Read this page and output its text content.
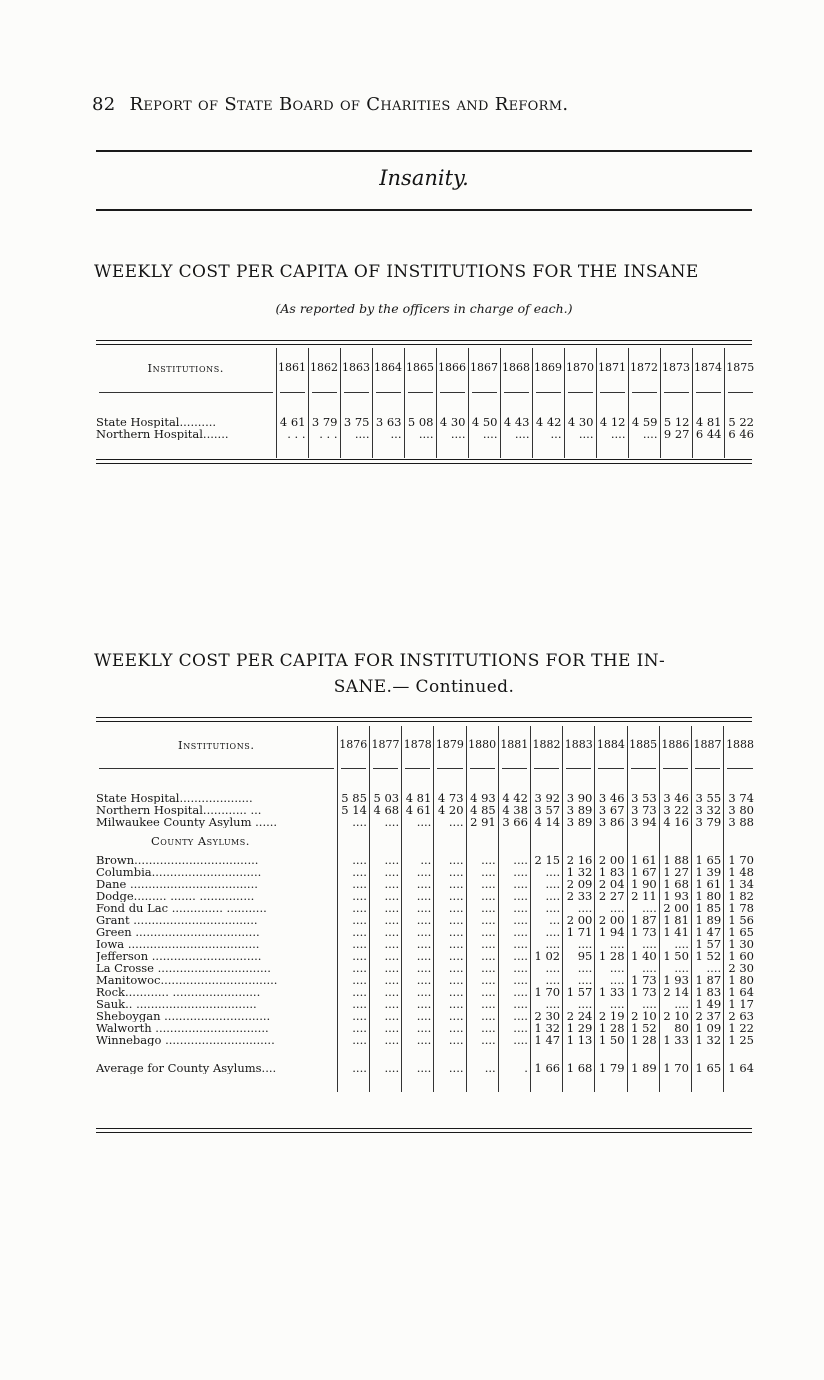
82 Report of State Board of Charities and Reform.
Insanity.
WEEKLY COST PER CAPITA OF INSTITUTIONS FOR THE INSANE
(As reported by the officers in charge of each.)
Institutions.	1861	1862	1863	1864	1865	1866	1867	1868	1869	1870	1871	1872	1873	1874	1875

State Hospital..........	4 61	3 79	3 75	3 63	5 08	4 30	4 50	4 43	4 42	4 30	4 12	4 59	5 12	4 81	5 22
Northern Hospital.......	. . .	. . .	....	...	....	....	....	....	...	....	....	....	9 27	6 44	6 46

WEEKLY COST PER CAPITA FOR INSTITUTIONS FOR THE IN-
SANE.— Continued.
Institutions.	1876	1877	1878	1879	1880	1881	1882	1883	1884	1885	1886	1887	1888

State Hospital....................	5 85	5 03	4 81	4 73	4 93	4 42	3 92	3 90	3 46	3 53	3 46	3 55	3 74
Northern Hospital............ ...	5 14	4 68	4 61	4 20	4 85	4 38	3 57	3 89	3 67	3 73	3 22	3 32	3 80
Milwaukee County Asylum ......	....	....	....	....	2 91	3 66	4 14	3 89	3 86	3 94	4 16	3 79	3 88
County Asylums.													
Brown..................................	....	....	...	....	....	....	2 15	2 16	2 00	1 61	1 88	1 65	1 70
Columbia..............................	....	....	....	....	....	....	....	1 32	1 83	1 67	1 27	1 39	1 48
Dane ...................................	....	....	....	....	....	....	....	2 09	2 04	1 90	1 68	1 61	1 34
Dodge......... ....... ...............	....	....	....	....	....	....	....	2 33	2 27	2 11	1 93	1 80	1 82
Fond du Lac .............. ...........	....	....	....	....	....	....	....	....	....	....	2 00	1 85	1 78
Grant ..................................	....	....	....	....	....	....	...	2 00	2 00	1 87	1 81	1 89	1 56
Green ..................................	....	....	....	....	....	....	....	1 71	1 94	1 73	1 41	1 47	1 65
Iowa ....................................	....	....	....	....	....	....	....	....	....	....	....	1 57	1 30
Jefferson ..............................	....	....	....	....	....	....	1 02	95	1 28	1 40	1 50	1 52	1 60
La Crosse ...............................	....	....	....	....	....	....	....	....	....	....	....	....	2 30
Manitowoc................................	....	....	....	....	....	....	....	....	....	1 73	1 93	1 87	1 80
Rock............ ........................	....	....	....	....	....	....	1 70	1 57	1 33	1 73	2 14	1 83	1 64
Sauk.. .................................	....	....	....	....	....	....	....	....	....	....	....	1 49	1 17
Sheboygan .............................	....	....	....	....	....	....	2 30	2 24	2 19	2 10	2 10	2 37	2 63
Walworth ...............................	....	....	....	....	....	....	1 32	1 29	1 28	1 52	80	1 09	1 22
Winnebago ..............................	....	....	....	....	....	....	1 47	1 13	1 50	1 28	1 33	1 32	1 25
Average for County Asylums....	....	....	....	....	...	.	1 66	1 68	1 79	1 89	1 70	1 65	1 64
